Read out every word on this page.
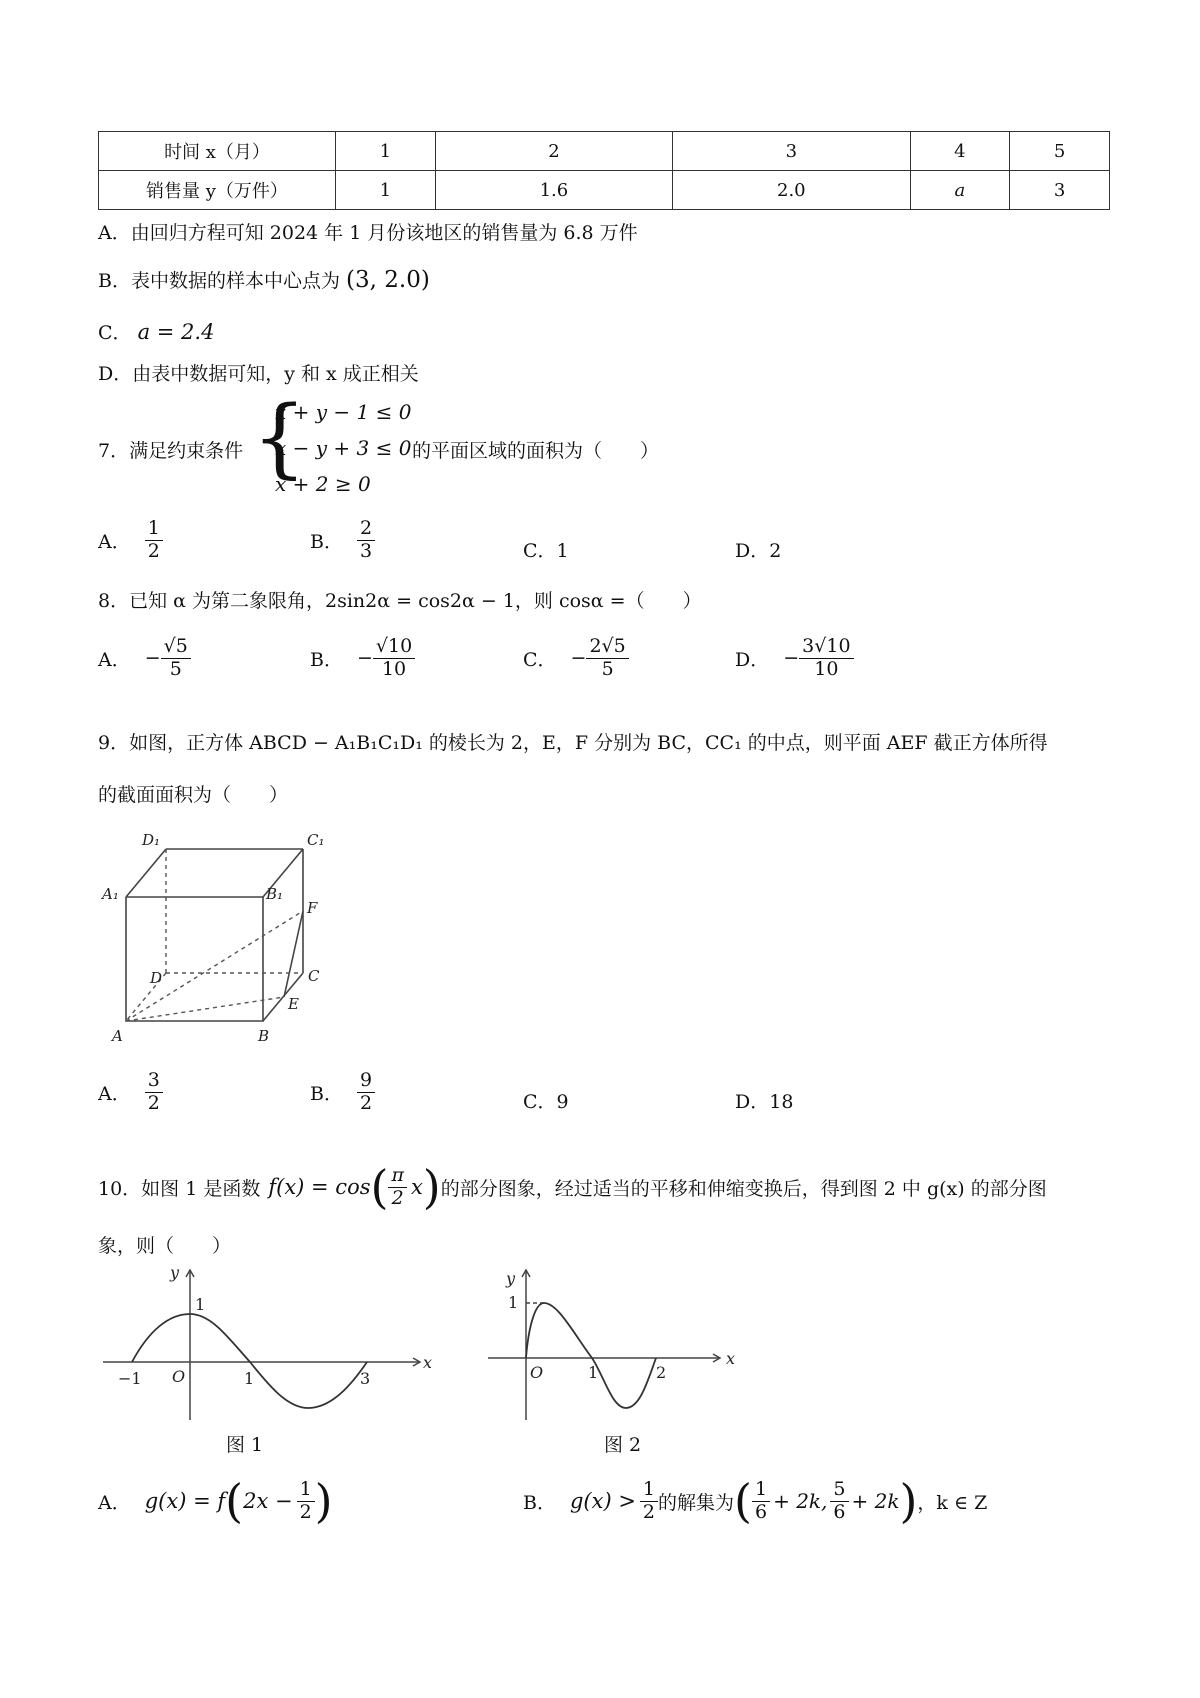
时间 x（月）	1	2	3	4	5
销售量 y（万件）	1	1.6	2.0	a	3
A．由回归方程可知 2024 年 1 月份该地区的销售量为 6.8 万件
B．表中数据的样本中心点为 (3, 2.0)
C． a = 2.4
D．由表中数据可知，y 和 x 成正相关
7．满足约束条件 {
x + y − 1 ≤ 0
x − y + 3 ≤ 0
x + 2 ≥ 0
的平面区域的面积为（　　）
A． $\frac{1}{2}$	B． $\frac{2}{3}$	C．1	D．2
8．已知 α 为第二象限角，2sin2α = cos2α − 1，则 cosα =（　　）
A． − $\frac{√5}{5}$	B． − $\frac{√10}{10}$	C． − $\frac{2√5}{5}$	D． − $\frac{3√10}{10}$
9．如图，正方体 ABCD − A₁B₁C₁D₁ 的棱长为 2，E，F 分别为 BC，CC₁ 的中点，则平面 AEF 截正方体所得
的截面面积为（　　）
D₁	C₁
A₁	B₁
F
D	C
E
A	B
A． $\frac{3}{2}$	B． $\frac{9}{2}$	C．9	D．18
10．如图 1 是函数 f(x) = cos ( $\frac{\pi}{2}$ x ) 的部分图象，经过适当的平移和伸缩变换后，得到图 2 中 g(x) 的部分图
象，则（　　）
y
x
1
O
−1	1	3
图 1
y
x
1
O	1	2
图 2
A． g(x) = f ( $2x - \frac{1}{2}$ )	B． $g(x) > \frac{1}{2}$ 的解集为 ( $\frac{1}{6} + 2k$, $\frac{5}{6} + 2k$ ) ，k ∈ Z
